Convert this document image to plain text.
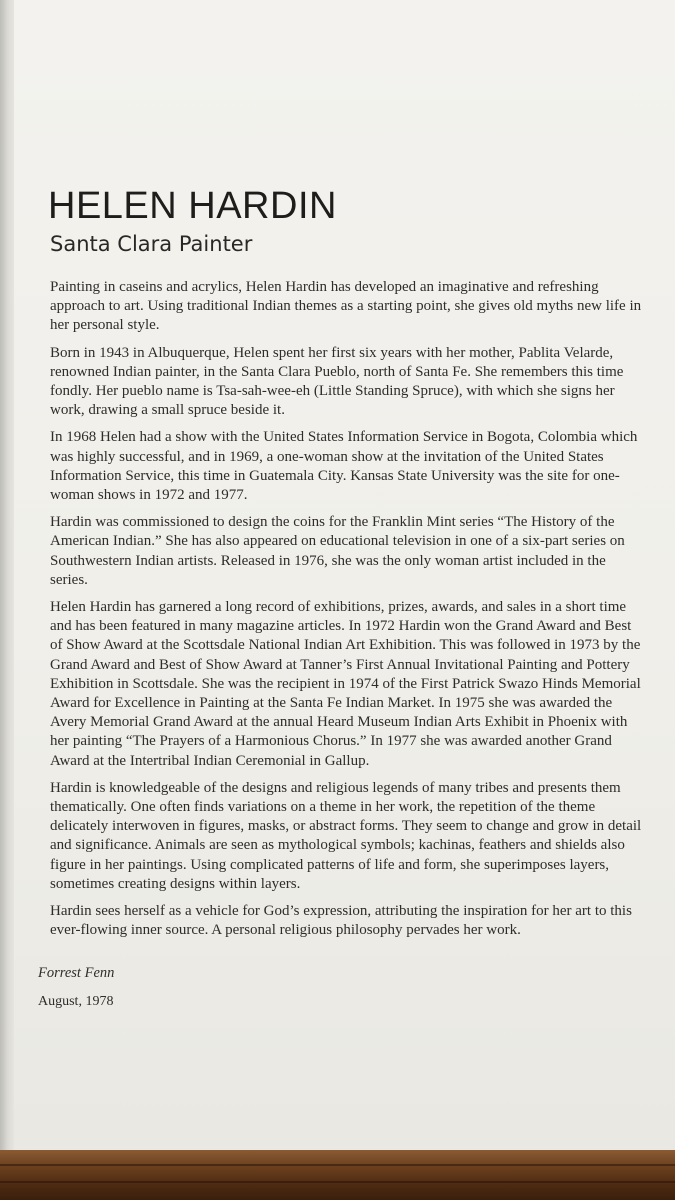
HELEN HARDIN
Santa Clara Painter

Painting in caseins and acrylics, Helen Hardin has developed an imaginative and refreshing approach to art. Using traditional Indian themes as a starting point, she gives old myths new life in her personal style.

Born in 1943 in Albuquerque, Helen spent her first six years with her mother, Pablita Velarde, renowned Indian painter, in the Santa Clara Pueblo, north of Santa Fe. She remembers this time fondly. Her pueblo name is Tsa-sah-wee-eh (Little Standing Spruce), with which she signs her work, drawing a small spruce beside it.

In 1968 Helen had a show with the United States Information Service in Bogota, Colombia which was highly successful, and in 1969, a one-woman show at the invitation of the United States Information Service, this time in Guatemala City. Kansas State University was the site for one-woman shows in 1972 and 1977.

Hardin was commissioned to design the coins for the Franklin Mint series “The History of the American Indian.” She has also appeared on educational television in one of a six-part series on Southwestern Indian artists. Released in 1976, she was the only woman artist included in the series.

Helen Hardin has garnered a long record of exhibitions, prizes, awards, and sales in a short time and has been featured in many magazine articles. In 1972 Hardin won the Grand Award and Best of Show Award at the Scottsdale National Indian Art Exhibition. This was followed in 1973 by the Grand Award and Best of Show Award at Tanner’s First Annual Invitational Painting and Pottery Exhibition in Scottsdale. She was the recipient in 1974 of the First Patrick Swazo Hinds Memorial Award for Excellence in Painting at the Santa Fe Indian Market. In 1975 she was awarded the Avery Memorial Grand Award at the annual Heard Museum Indian Arts Exhibit in Phoenix with her painting “The Prayers of a Harmonious Chorus.” In 1977 she was awarded another Grand Award at the Intertribal Indian Ceremonial in Gallup.

Hardin is knowledgeable of the designs and religious legends of many tribes and presents them thematically. One often finds variations on a theme in her work, the repetition of the theme delicately interwoven in figures, masks, or abstract forms. They seem to change and grow in detail and significance. Animals are seen as mythological symbols; kachinas, feathers and shields also figure in her paintings. Using complicated patterns of life and form, she superimposes layers, sometimes creating designs within layers.

Hardin sees herself as a vehicle for God’s expression, attributing the inspiration for her art to this ever-flowing inner source. A personal religious philosophy pervades her work.

Forrest Fenn
August, 1978
